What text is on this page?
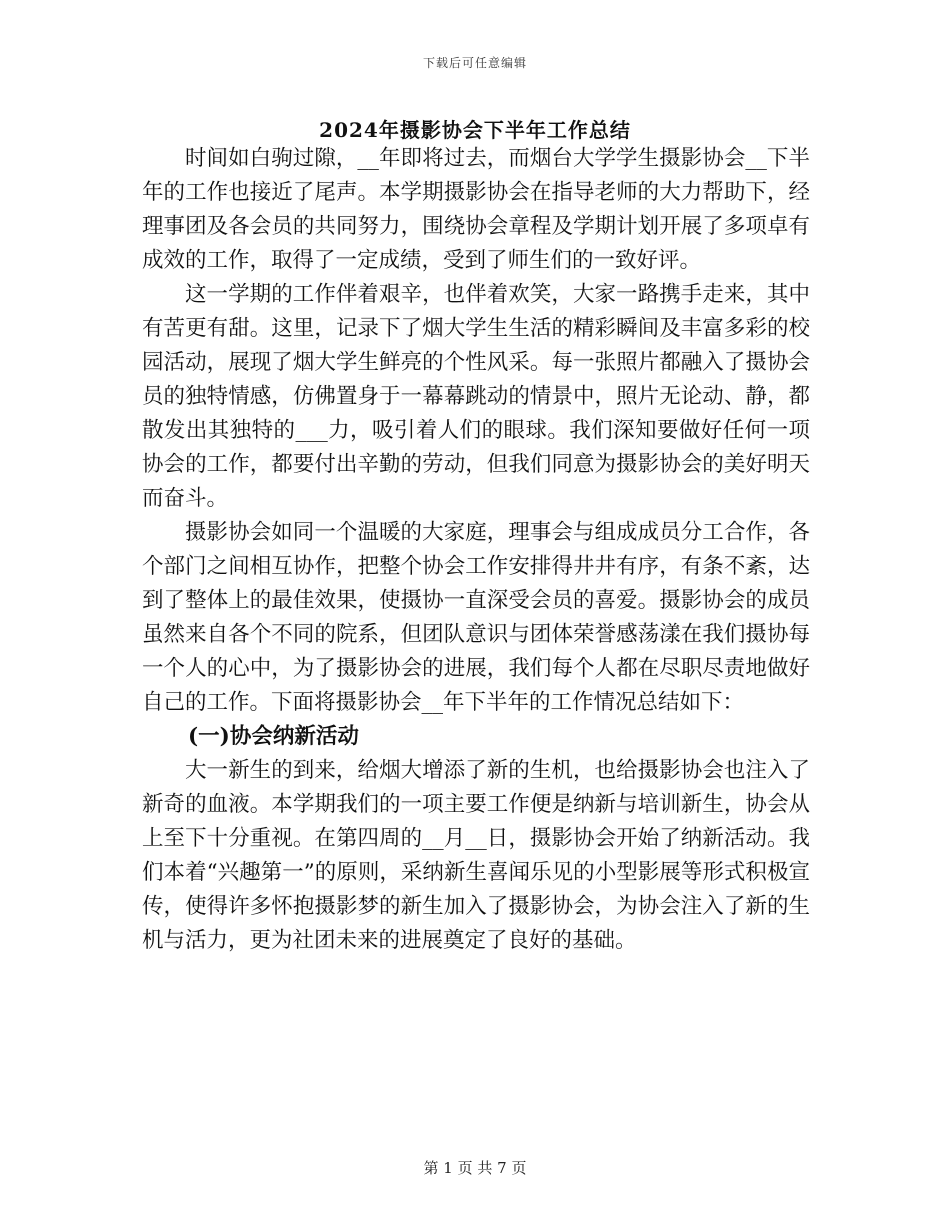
下载后可任意编辑
2024年摄影协会下半年工作总结

时间如白驹过隙，__年即将过去，而烟台大学学生摄影协会__下半年的工作也接近了尾声。本学期摄影协会在指导老师的大力帮助下，经理事团及各会员的共同努力，围绕协会章程及学期计划开展了多项卓有成效的工作，取得了一定成绩，受到了师生们的一致好评。

这一学期的工作伴着艰辛，也伴着欢笑，大家一路携手走来，其中有苦更有甜。这里，记录下了烟大学生生活的精彩瞬间及丰富多彩的校园活动，展现了烟大学生鲜亮的个性风采。每一张照片都融入了摄协会员的独特情感，仿佛置身于一幕幕跳动的情景中，照片无论动、静，都散发出其独特的___力，吸引着人们的眼球。我们深知要做好任何一项协会的工作，都要付出辛勤的劳动，但我们同意为摄影协会的美好明天而奋斗。

摄影协会如同一个温暖的大家庭，理事会与组成成员分工合作，各个部门之间相互协作，把整个协会工作安排得井井有序，有条不紊，达到了整体上的最佳效果，使摄协一直深受会员的喜爱。摄影协会的成员虽然来自各个不同的院系，但团队意识与团体荣誉感荡漾在我们摄协每一个人的心中，为了摄影协会的进展，我们每个人都在尽职尽责地做好自己的工作。下面将摄影协会__年下半年的工作情况总结如下：

(一)协会纳新活动

大一新生的到来，给烟大增添了新的生机，也给摄影协会也注入了新奇的血液。本学期我们的一项主要工作便是纳新与培训新生，协会从上至下十分重视。在第四周的__月__日，摄影协会开始了纳新活动。我们本着“兴趣第一”的原则，采纳新生喜闻乐见的小型影展等形式积极宣传，使得许多怀抱摄影梦的新生加入了摄影协会，为协会注入了新的生机与活力，更为社团未来的进展奠定了良好的基础。

第 1 页 共 7 页
